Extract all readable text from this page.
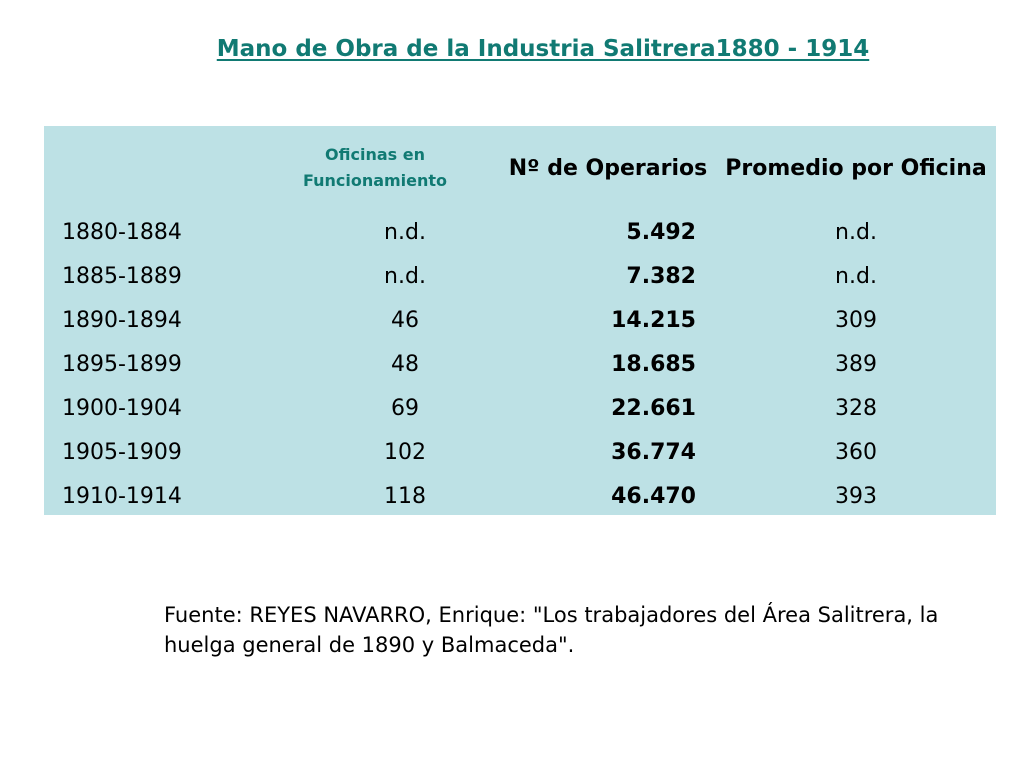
Mano de Obra de la Industria Salitrera1880 - 1914
	Oficinas en Funcionamiento	Nº de Operarios	Promedio por Oficina
1880-1884	n.d.	5.492	n.d.
1885-1889	n.d.	7.382	n.d.
1890-1894	46	14.215	309
1895-1899	48	18.685	389
1900-1904	69	22.661	328
1905-1909	102	36.774	360
1910-1914	118	46.470	393

Fuente: REYES NAVARRO, Enrique: "Los trabajadores del Área Salitrera, la huelga general de 1890 y Balmaceda".
